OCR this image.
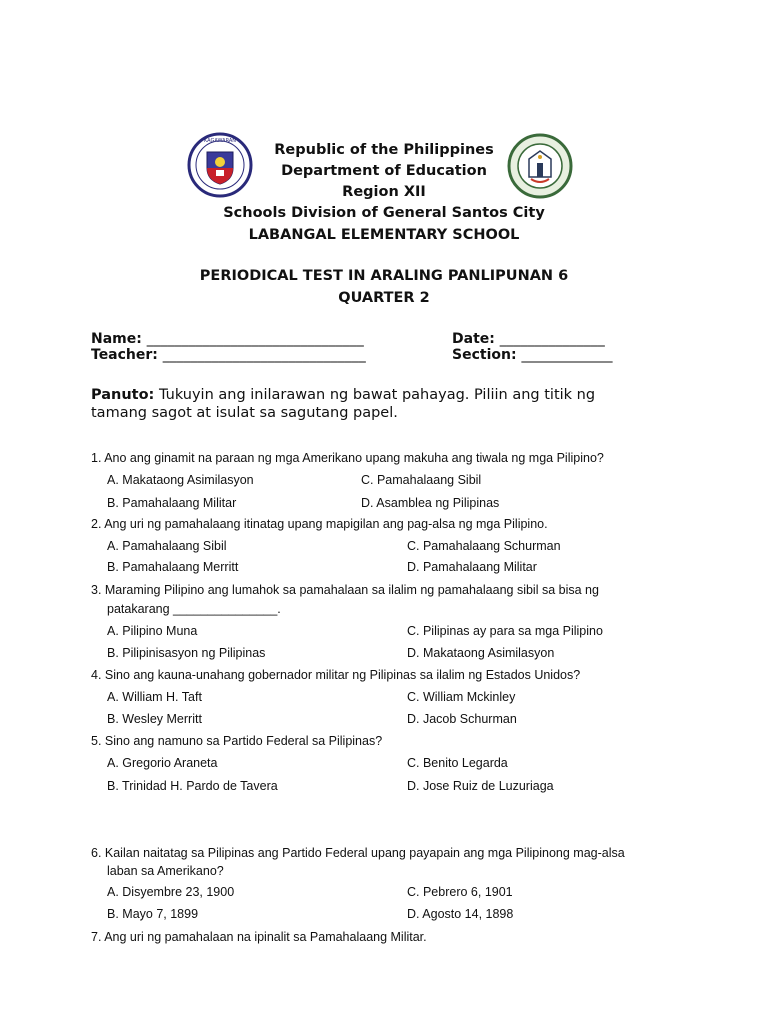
KAGAWARAN
Republic of the Philippines
Department of Education
Region XII
Schools Division of General Santos City
LABANGAL ELEMENTARY SCHOOL
PERIODICAL TEST IN ARALING PANLIPUNAN 6
QUARTER 2
Name: _______________________________
Teacher: _____________________________
Date: _______________
Section: _____________
Panuto: Tukuyin ang inilarawan ng bawat pahayag. Piliin ang titik ng tamang sagot at isulat sa sagutang papel.
1. Ano ang ginamit na paraan ng mga Amerikano upang makuha ang tiwala ng mga Pilipino?
A. Makataong Asimilasyon	C. Pamahalaang Sibil
B. Pamahalaang Militar	D. Asamblea ng Pilipinas
2. Ang uri ng pamahalaang itinatag upang mapigilan ang pag-alsa ng mga Pilipino.
A. Pamahalaang Sibil	C. Pamahalaang Schurman
B. Pamahalaang Merritt	D. Pamahalaang Militar
3. Maraming Pilipino ang lumahok sa pamahalaan sa ilalim ng pamahalaang sibil sa bisa ng
patakarang _______________.
A. Pilipino Muna	C. Pilipinas ay para sa mga Pilipino
B. Pilipinisasyon ng Pilipinas	D. Makataong Asimilasyon
4. Sino ang kauna-unahang gobernador militar ng Pilipinas sa ilalim ng Estados Unidos?
A. William H. Taft	C. William Mckinley
B. Wesley Merritt	D. Jacob Schurman
5. Sino ang namuno sa Partido Federal sa Pilipinas?
A. Gregorio Araneta	C. Benito Legarda
B. Trinidad H. Pardo de Tavera	D. Jose Ruiz de Luzuriaga
6. Kailan naitatag sa Pilipinas ang Partido Federal upang payapain ang mga Pilipinong mag-alsa
laban sa Amerikano?
A. Disyembre 23, 1900	C. Pebrero 6, 1901
B. Mayo 7, 1899	D. Agosto 14, 1898
7. Ang uri ng pamahalaan na ipinalit sa Pamahalaang Militar.
